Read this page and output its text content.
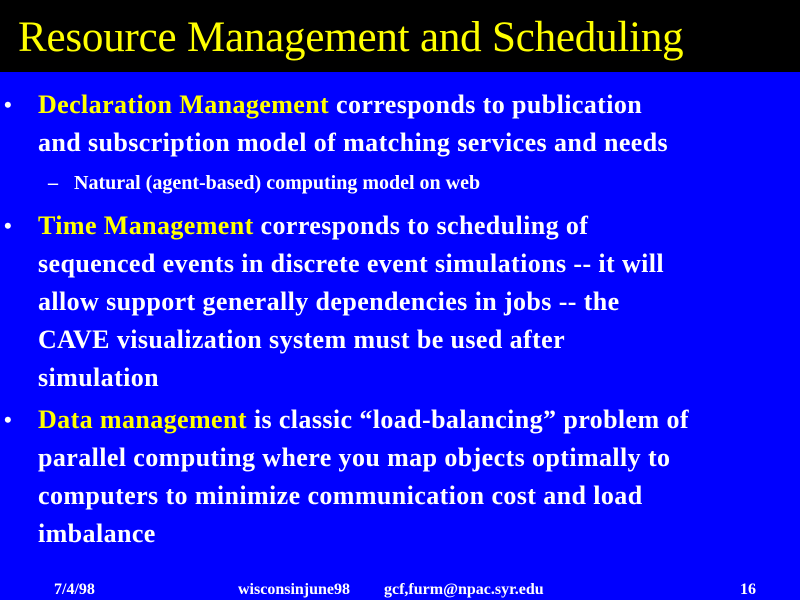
Resource Management and Scheduling
• Declaration Management corresponds to publication
and subscription model of matching services and needs
– Natural (agent-based) computing model on web
• Time Management corresponds to scheduling of
sequenced events in discrete event simulations -- it will
allow support generally dependencies in jobs -- the
CAVE visualization system must be used after
simulation
• Data management is classic “load-balancing” problem of
parallel computing where you map objects optimally to
computers to minimize communication cost and load
imbalance
7/4/98	wisconsinjune98 gcf,furm@npac.syr.edu	16
